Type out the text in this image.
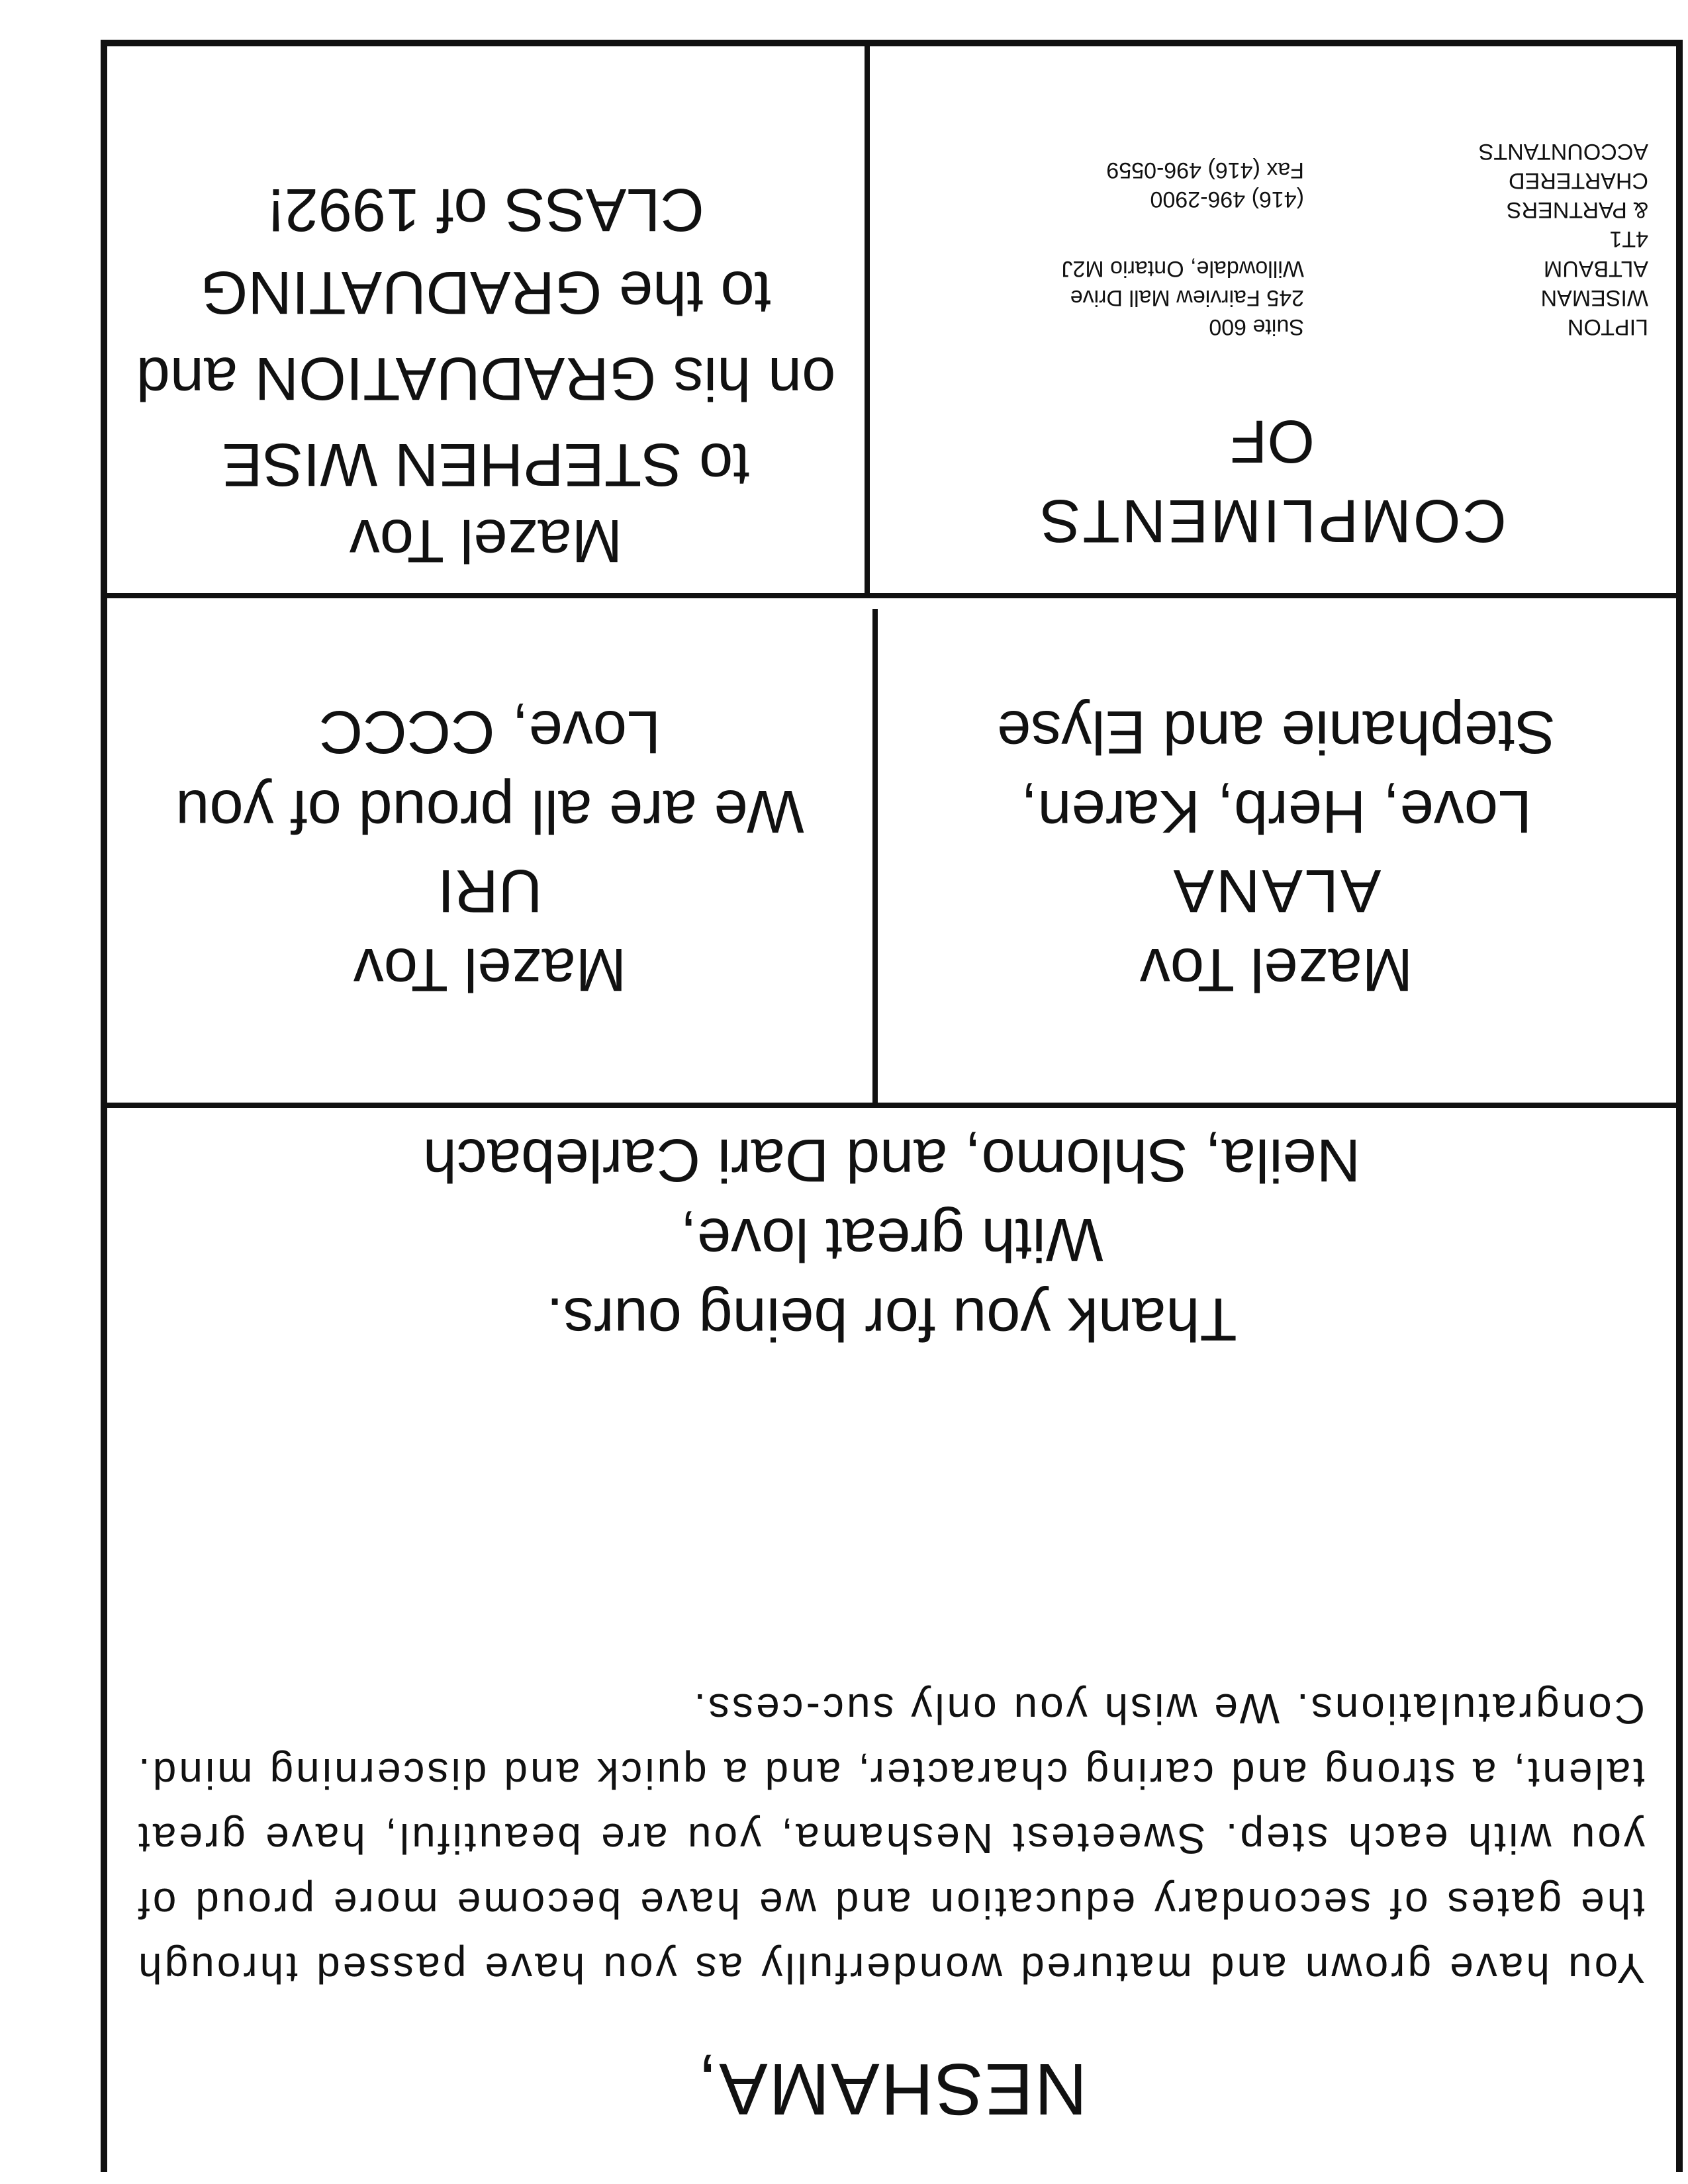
NESHAMA,

You have grown and matured wonderfully as you have passed through the gates of secondary education and we have become more proud of you with each step. Sweetest Neshama, you are beautiful, have great talent, a strong and caring character, and a quick and discerning mind. Congratulations. We wish you only suc-cess.

Thank you for being ours.
With great love,
Neila, Shlomo, and Dari Carlebach
Mazel Tov
ALANA
Love, Herb, Karen,
Stephanie and Elyse
Mazel Tov
URI
We are all proud of you
Love, CCCC
COMPLIMENTS
OF
LIPTON
WISEMAN
ALTBAUM
4T1
& PARTNERS
CHARTERED
ACCOUNTANTS
Suite 600
245 Fairview Mall Drive
Willowdale, Ontario M2J
(416) 496-2900
Fax (416) 496-0559
Mazel Tov
to STEPHEN WISE
on his GRADUATION and
to the GRADUATING
CLASS of 1992!
